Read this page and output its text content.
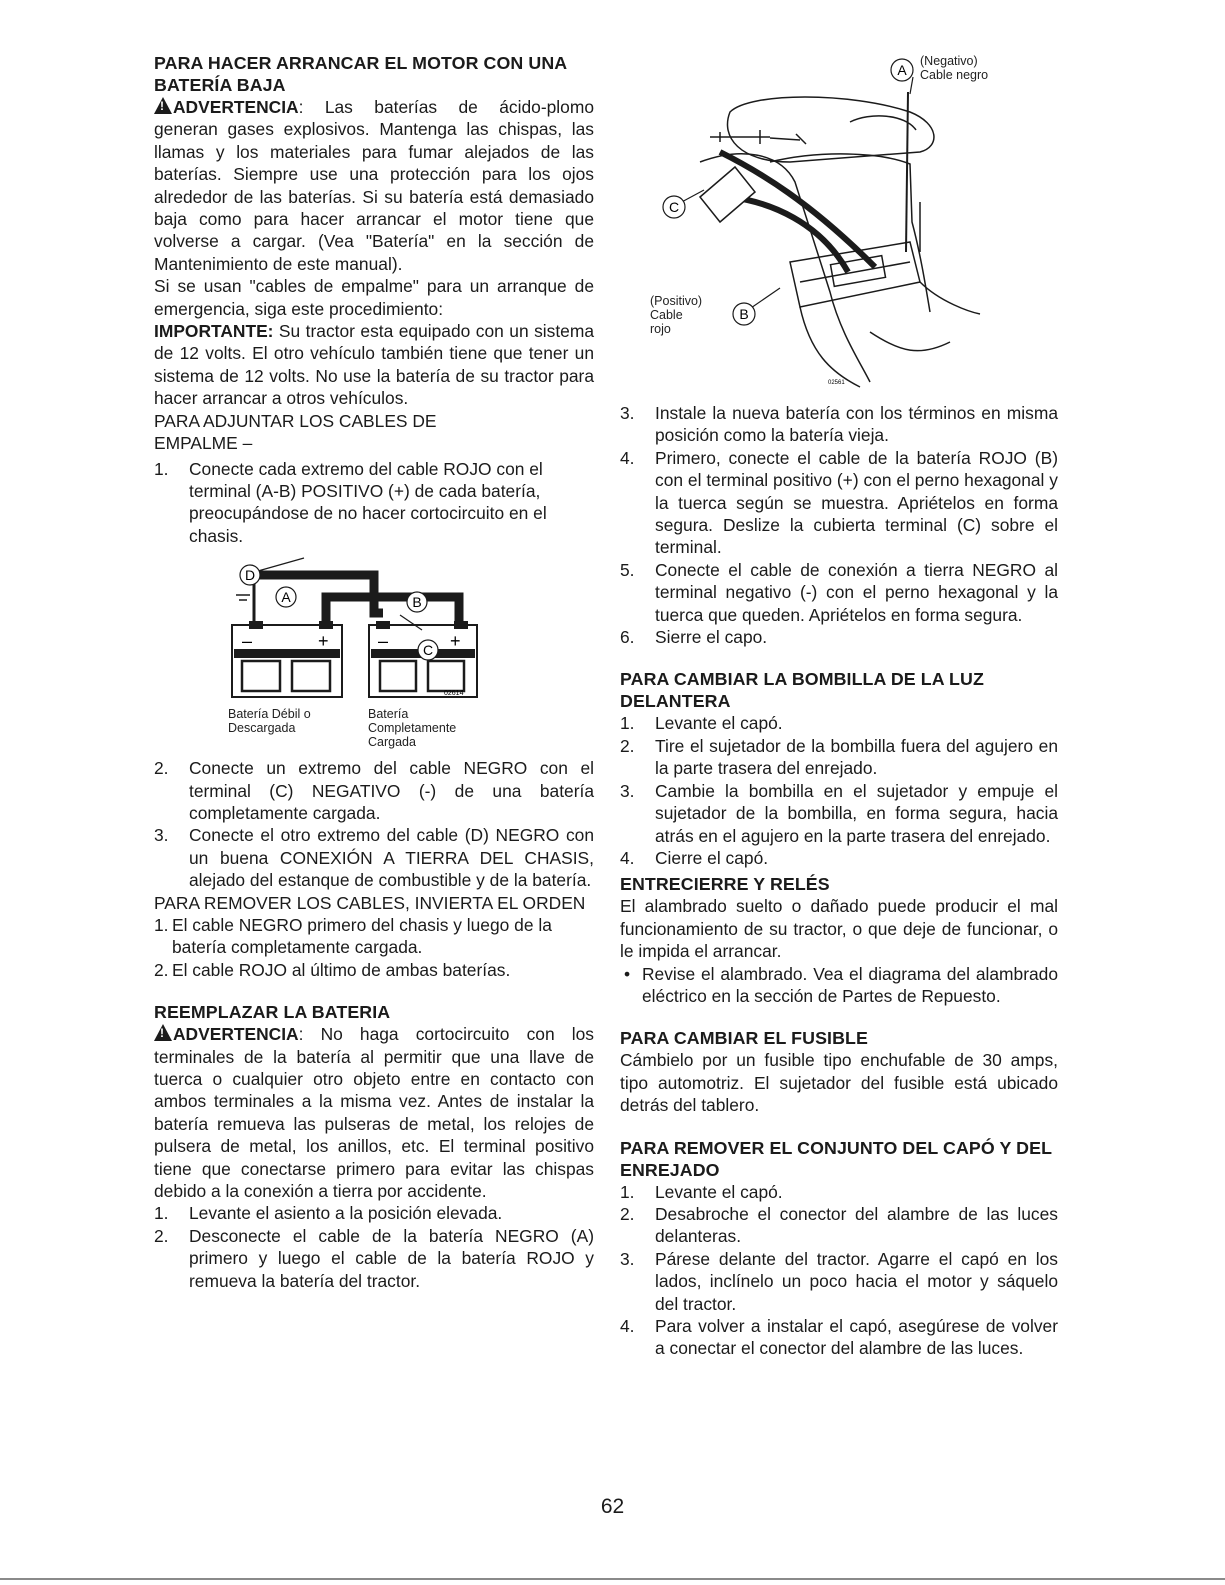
PARA HACER ARRANCAR EL MOTOR CON UNA BATERÍA BAJA

!ADVERTENCIA: Las baterías de ácido-plomo generan gases explosivos. Mantenga las chispas, las llamas y los materiales para fumar alejados de las baterías. Siempre use una protección para los ojos alrededor de las baterías. Si su batería está demasiado baja como para hacer arrancar el motor tiene que volverse a cargar. (Vea "Batería" en la sección de Mantenimiento de este manual).

Si se usan "cables de empalme" para un arranque de emergencia, siga este procedimiento:

IMPORTANTE: Su tractor esta equipado con un sistema de 12 volts. El otro vehículo también tiene que tener un sistema de 12 volts. No use la batería de su tractor para hacer arrancar a otros vehículos.

PARA ADJUNTAR LOS CABLES DE EMPALME –
1. Conecte cada extremo del cable ROJO con el terminal (A-B) POSITIVO (+) de cada batería, preocupándose de no hacer cortocircuito en el chasis.
D
A	B
C
–	+	–	+
02614
Batería Débil o
Descargada
Batería
Completamente
Cargada
2. Conecte un extremo del cable NEGRO con el terminal (C) NEGATIVO (-) de una batería completamente cargada.
3. Conecte el otro extremo del cable (D) NEGRO con un buena CONEXIÓN A TIERRA DEL CHASIS, alejado del estanque de combustible y de la batería.
PARA REMOVER LOS CABLES, INVIERTA EL ORDEN
1. El cable NEGRO primero del chasis y luego de la batería completamente cargada.
2. El cable ROJO al último de ambas baterías.
REEMPLAZAR LA BATERIA

!ADVERTENCIA: No haga cortocircuito con los terminales de la batería al permitir que una llave de tuerca o cualquier otro objeto entre en contacto con ambos terminales a la misma vez. Antes de instalar la batería remueva las pulseras de metal, los relojes de pulsera de metal, los anillos, etc. El terminal positivo tiene que conectarse primero para evitar las chispas debido a la conexión a tierra por accidente.

1. Levante el asiento a la posición elevada.
2. Desconecte el cable de la batería NEGRO (A) primero y luego el cable de la batería ROJO y remueva la batería del tractor.
A
C
B
02561
(Negativo)
Cable negro
(Positivo)
Cable
rojo
3. Instale la nueva batería con los términos en misma posición como la batería vieja.
4. Primero, conecte el cable de la batería ROJO (B) con el terminal positivo (+) con el perno hexagonal y la tuerca según se muestra. Apriételos en forma segura. Deslize la cubierta terminal (C) sobre el terminal.
5. Conecte el cable de conexión a tierra NEGRO al terminal negativo (-) con el perno hexagonal y la tuerca que queden. Apriételos en forma segura.
6. Sierre el capo.
PARA CAMBIAR LA BOMBILLA DE LA LUZ DELANTERA
1. Levante el capó.
2. Tire el sujetador de la bombilla fuera del agujero en la parte trasera del enrejado.
3. Cambie la bombilla en el sujetador y empuje el sujetador de la bombilla, en forma segura, hacia atrás en el agujero en la parte trasera del enrejado.
4. Cierre el capó.
ENTRECIERRE Y RELÉS

El alambrado suelto o dañado puede producir el mal funcionamiento de su tractor, o que deje de funcionar, o le impida el arrancar.

• Revise el alambrado. Vea el diagrama del alambrado eléctrico en la sección de Partes de Repuesto.
PARA CAMBIAR EL FUSIBLE

Cámbielo por un fusible tipo enchufable de 30 amps, tipo automotriz. El sujetador del fusible está ubicado detrás del tablero.

PARA REMOVER EL CONJUNTO DEL CAPÓ Y DEL ENREJADO
1. Levante el capó.
2. Desabroche el conector del alambre de las luces delanteras.
3. Párese delante del tractor. Agarre el capó en los lados, inclínelo un poco hacia el motor y sáquelo del tractor.
4. Para volver a instalar el capó, asegúrese de volver a conectar el conector del alambre de las luces.
62
